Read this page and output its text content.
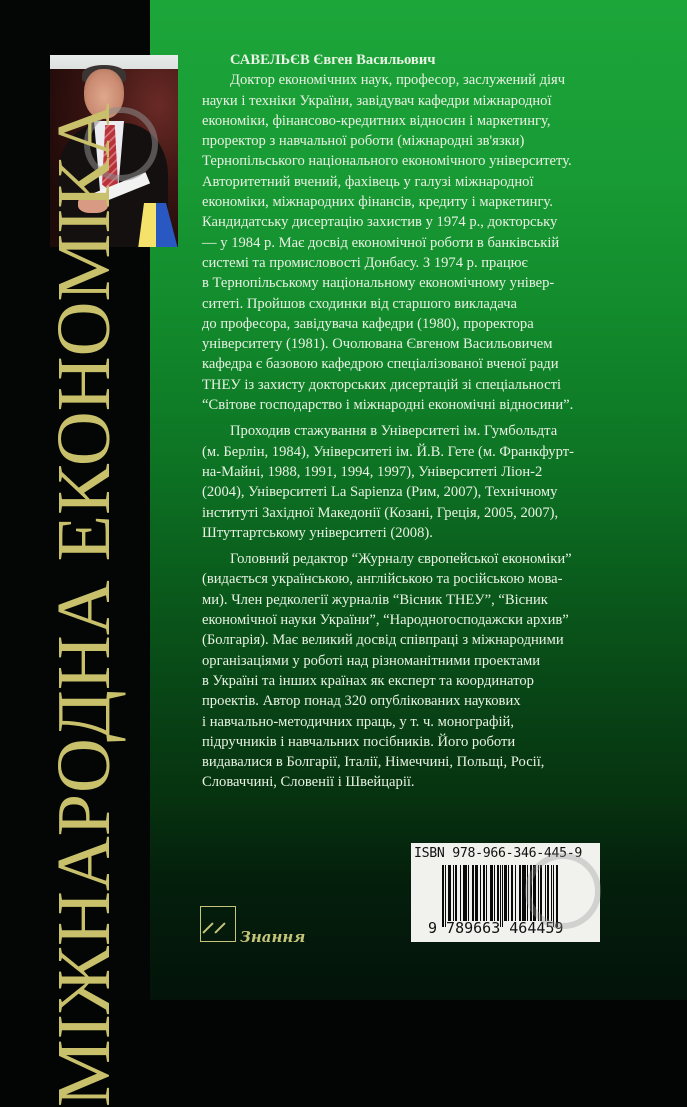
МІЖНАРОДНА ЕКОНОМІКА
САВЕЛЬЄВ Євген Васильович
Доктор економічних наук, професор, заслужений діяч
науки і техніки України, завідувач кафедри міжнародної
економіки, фінансово-кредитних відносин і маркетингу,
проректор з навчальної роботи (міжнародні зв'язки)
Тернопільського національного економічного університету.
Авторитетний вчений, фахівець у галузі міжнародної
економіки, міжнародних фінансів, кредиту і маркетингу.
Кандидатську дисертацію захистив у 1974 р., докторську
— у 1984 р. Має досвід економічної роботи в банківській
системі та промисловості Донбасу. З 1974 р. працює
в Тернопільському національному економічному універ-
ситеті. Пройшов сходинки від старшого викладача
до професора, завідувача кафедри (1980), проректора
університету (1981). Очолювана Євгеном Васильовичем
кафедра є базовою кафедрою спеціалізованої вченої ради
ТНЕУ із захисту докторських дисертацій зі спеціальності
“Світове господарство і міжнародні економічні відносини”.
Проходив стажування в Університеті ім. Гумбольдта
(м. Берлін, 1984), Університеті ім. Й.В. Гете (м. Франкфурт-
на-Майні, 1988, 1991, 1994, 1997), Університеті Ліон-2
(2004), Університеті La Sapienza (Рим, 2007), Технічному
інституті Західної Македонії (Козані, Греція, 2005, 2007),
Штутгартському університеті (2008).
Головний редактор “Журналу європейської економіки”
(видається українською, англійською та російською мова-
ми). Член редколегії журналів “Вісник ТНЕУ”, “Вісник
економічної науки України”, “Народногосподажски архив”
(Болгарія). Має великий досвід співпраці з міжнародними
організаціями у роботі над різноманітними проектами
в Україні та інших країнах як експерт та координатор
проектів. Автор понад 320 опублікованих наукових
і навчально-методичних праць, у т. ч. монографій,
підручників і навчальних посібників. Його роботи
видавалися в Болгарії, Італії, Німеччині, Польщі, Росії,
Словаччині, Словенії і Швейцарії.
Знання
ISBN 978-966-346-445-9
9 789663 464459
